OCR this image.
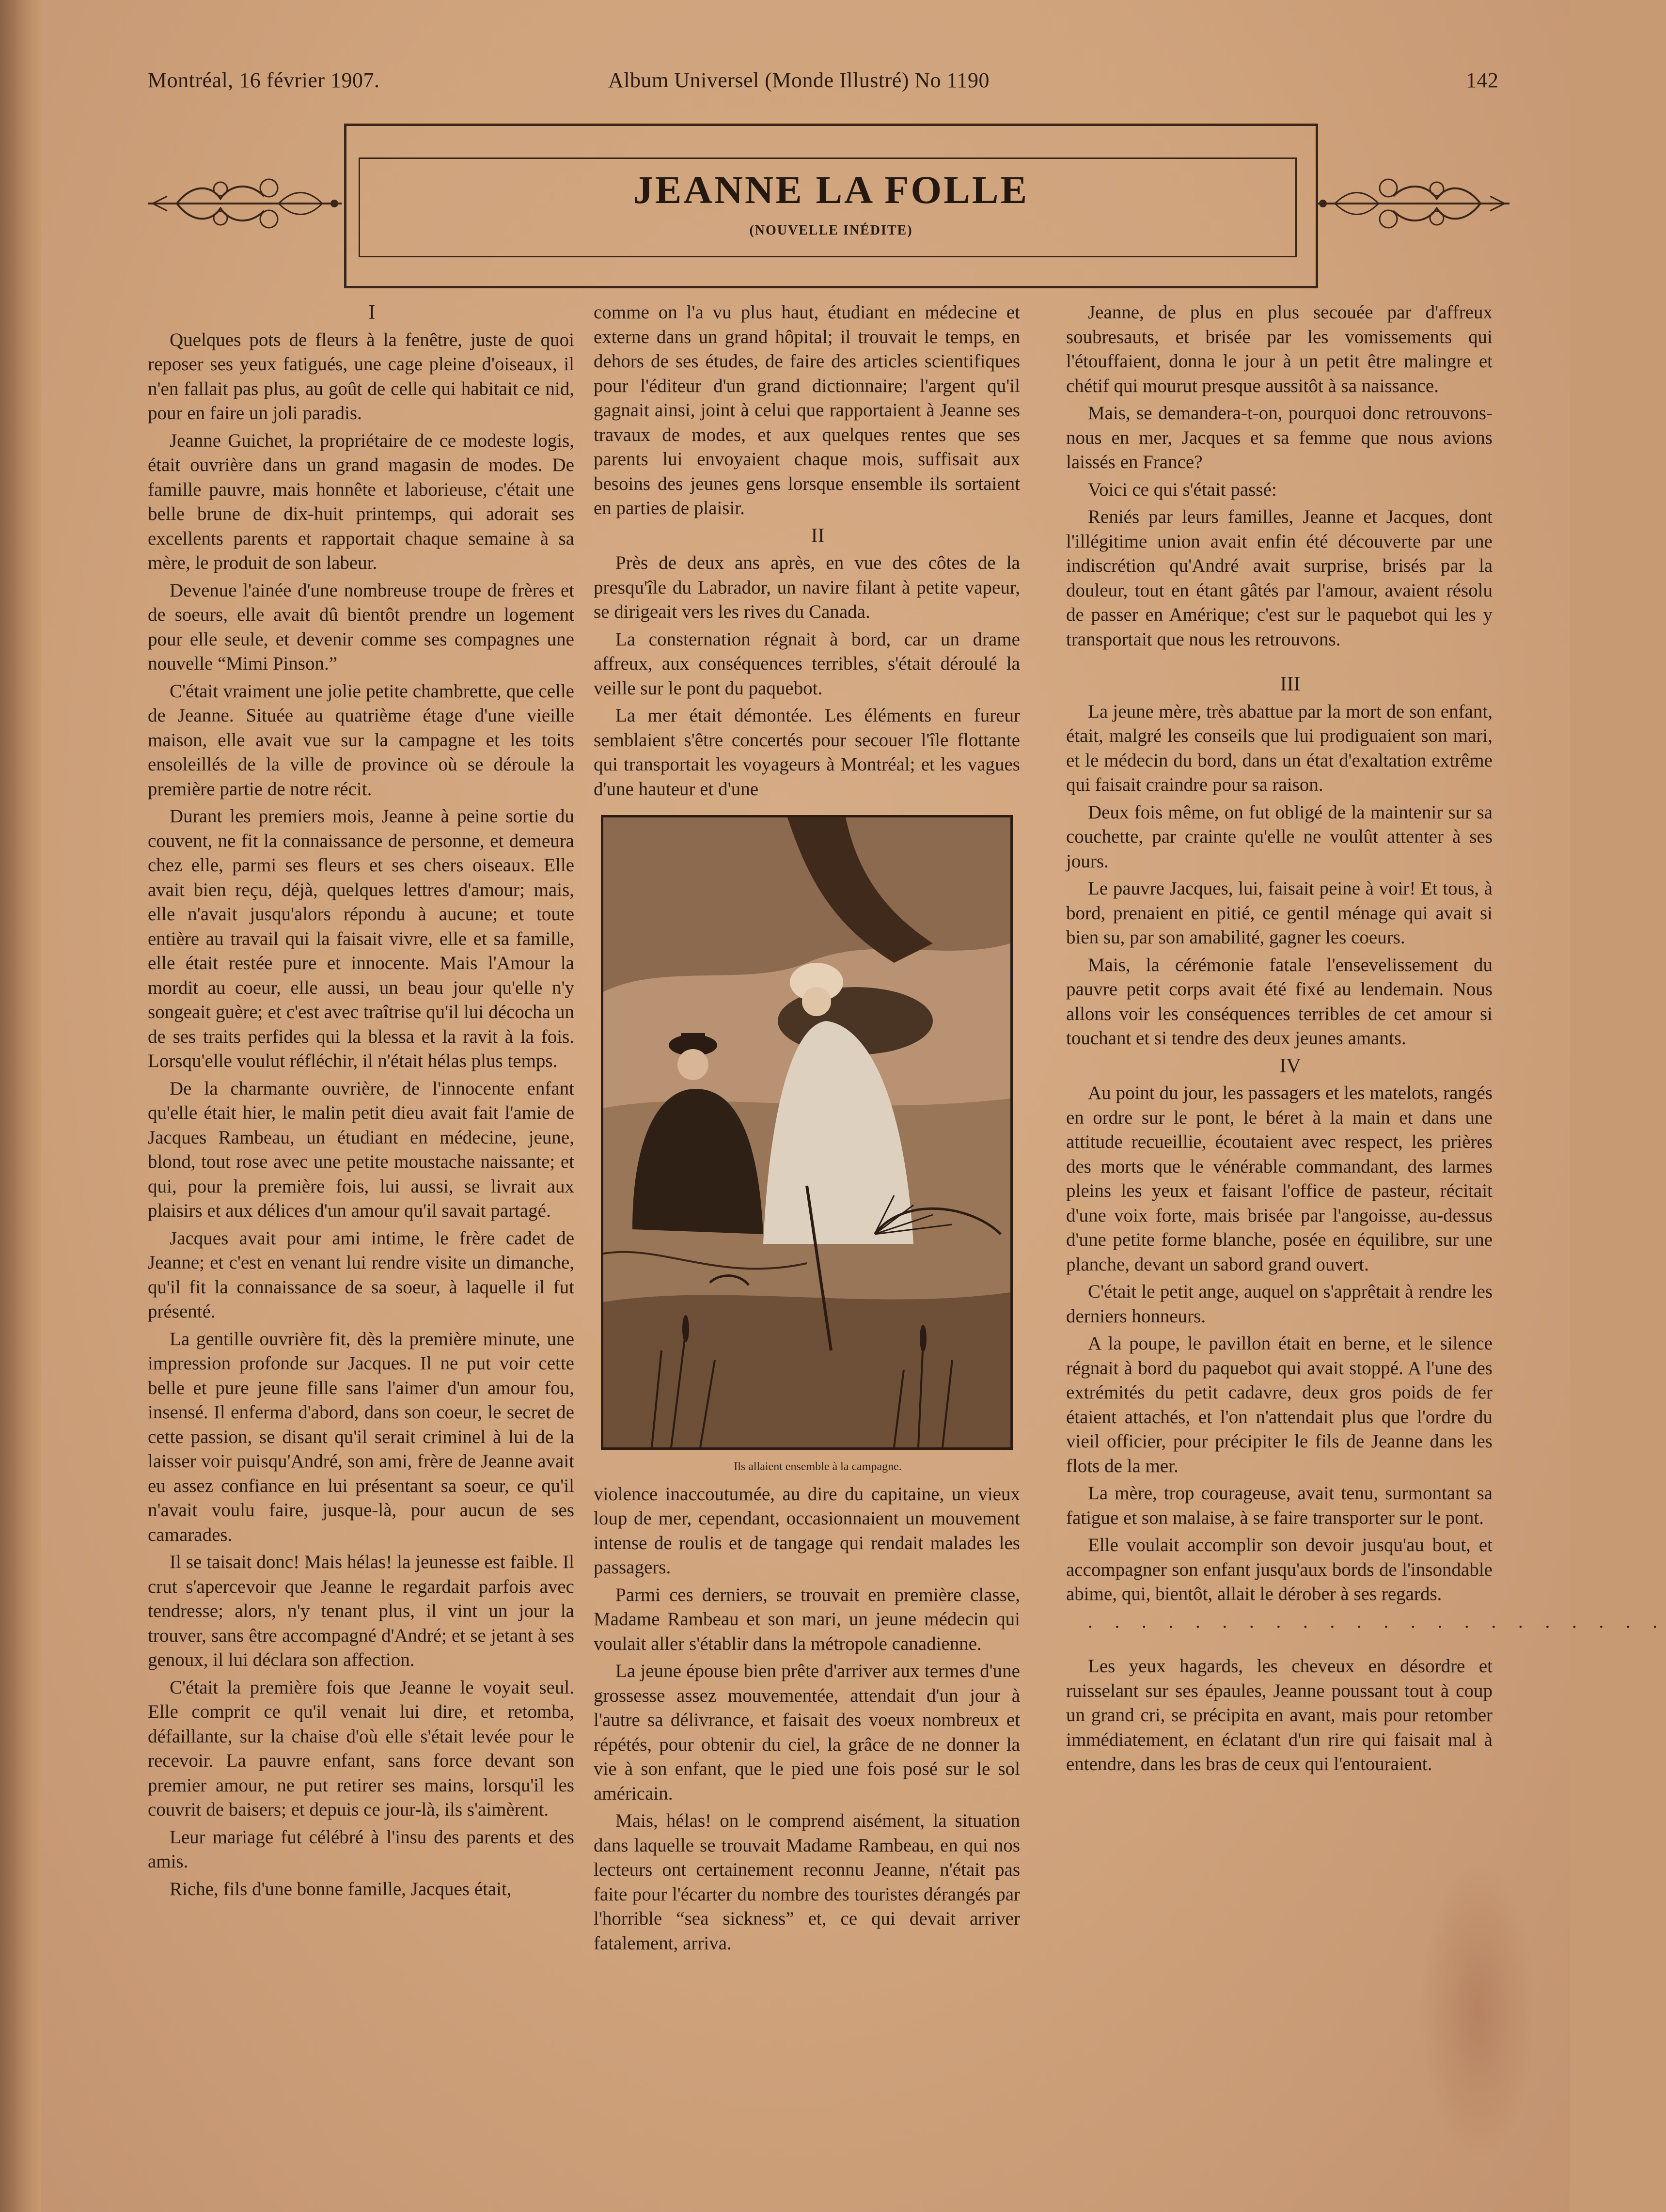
Montréal, 16 février 1907.	Album Universel (Monde Illustré) No 1190	142
JEANNE LA FOLLE
(NOUVELLE INÉDITE)

I

Quelques pots de fleurs à la fenêtre, juste de quoi reposer ses yeux fatigués, une cage pleine d'oiseaux, il n'en fallait pas plus, au goût de celle qui habitait ce nid, pour en faire un joli paradis.

Jeanne Guichet, la propriétaire de ce modeste logis, était ouvrière dans un grand magasin de modes. De famille pauvre, mais honnête et laborieuse, c'était une belle brune de dix-huit printemps, qui adorait ses excellents parents et rapportait chaque semaine à sa mère, le produit de son labeur.

Devenue l'ainée d'une nombreuse troupe de frères et de soeurs, elle avait dû bientôt prendre un logement pour elle seule, et devenir comme ses compagnes une nouvelle “Mimi Pinson.”

C'était vraiment une jolie petite chambrette, que celle de Jeanne. Située au quatrième étage d'une vieille maison, elle avait vue sur la campagne et les toits ensoleillés de la ville de province où se déroule la première partie de notre récit.

Durant les premiers mois, Jeanne à peine sortie du couvent, ne fit la connaissance de personne, et demeura chez elle, parmi ses fleurs et ses chers oiseaux. Elle avait bien reçu, déjà, quelques lettres d'amour; mais, elle n'avait jusqu'alors répondu à aucune; et toute entière au travail qui la faisait vivre, elle et sa famille, elle était restée pure et innocente. Mais l'Amour la mordit au coeur, elle aussi, un beau jour qu'elle n'y songeait guère; et c'est avec traîtrise qu'il lui décocha un de ses traits perfides qui la blessa et la ravit à la fois. Lorsqu'elle voulut réfléchir, il n'était hélas plus temps.

De la charmante ouvrière, de l'innocente enfant qu'elle était hier, le malin petit dieu avait fait l'amie de Jacques Rambeau, un étudiant en médecine, jeune, blond, tout rose avec une petite moustache naissante; et qui, pour la première fois, lui aussi, se livrait aux plaisirs et aux délices d'un amour qu'il savait partagé.

Jacques avait pour ami intime, le frère cadet de Jeanne; et c'est en venant lui rendre visite un dimanche, qu'il fit la connaissance de sa soeur, à laquelle il fut présenté.

La gentille ouvrière fit, dès la première minute, une impression profonde sur Jacques. Il ne put voir cette belle et pure jeune fille sans l'aimer d'un amour fou, insensé. Il enferma d'abord, dans son coeur, le secret de cette passion, se disant qu'il serait criminel à lui de la laisser voir puisqu'André, son ami, frère de Jeanne avait eu assez confiance en lui présentant sa soeur, ce qu'il n'avait voulu faire, jusque-là, pour aucun de ses camarades.

Il se taisait donc! Mais hélas! la jeunesse est faible. Il crut s'apercevoir que Jeanne le regardait parfois avec tendresse; alors, n'y tenant plus, il vint un jour la trouver, sans être accompagné d'André; et se jetant à ses genoux, il lui déclara son affection.

C'était la première fois que Jeanne le voyait seul. Elle comprit ce qu'il venait lui dire, et retomba, défaillante, sur la chaise d'où elle s'était levée pour le recevoir. La pauvre enfant, sans force devant son premier amour, ne put retirer ses mains, lorsqu'il les couvrit de baisers; et depuis ce jour-là, ils s'aimèrent.

Leur mariage fut célébré à l'insu des parents et des amis.

Riche, fils d'une bonne famille, Jacques était,

comme on l'a vu plus haut, étudiant en médecine et externe dans un grand hôpital; il trouvait le temps, en dehors de ses études, de faire des articles scientifiques pour l'éditeur d'un grand dictionnaire; l'argent qu'il gagnait ainsi, joint à celui que rapportaient à Jeanne ses travaux de modes, et aux quelques rentes que ses parents lui envoyaient chaque mois, suffisait aux besoins des jeunes gens lorsque ensemble ils sortaient en parties de plaisir.

II

Près de deux ans après, en vue des côtes de la presqu'île du Labrador, un navire filant à petite vapeur, se dirigeait vers les rives du Canada.

La consternation régnait à bord, car un drame affreux, aux conséquences terribles, s'était déroulé la veille sur le pont du paquebot.

La mer était démontée. Les éléments en fureur semblaient s'être concertés pour secouer l'île flottante qui transportait les voyageurs à Montréal; et les vagues d'une hauteur et d'une

Ils allaient ensemble à la campagne.

violence inaccoutumée, au dire du capitaine, un vieux loup de mer, cependant, occasionnaient un mouvement intense de roulis et de tangage qui rendait malades les passagers.

Parmi ces derniers, se trouvait en première classe, Madame Rambeau et son mari, un jeune médecin qui voulait aller s'établir dans la métropole canadienne.

La jeune épouse bien prête d'arriver aux termes d'une grossesse assez mouvementée, attendait d'un jour à l'autre sa délivrance, et faisait des voeux nombreux et répétés, pour obtenir du ciel, la grâce de ne donner la vie à son enfant, que le pied une fois posé sur le sol américain.

Mais, hélas! on le comprend aisément, la situation dans laquelle se trouvait Madame Rambeau, en qui nos lecteurs ont certainement reconnu Jeanne, n'était pas faite pour l'écarter du nombre des touristes dérangés par l'horrible “sea sickness” et, ce qui devait arriver fatalement, arriva.

Jeanne, de plus en plus secouée par d'affreux soubresauts, et brisée par les vomissements qui l'étouffaient, donna le jour à un petit être malingre et chétif qui mourut presque aussitôt à sa naissance.

Mais, se demandera-t-on, pourquoi donc retrouvons-nous en mer, Jacques et sa femme que nous avions laissés en France?

Voici ce qui s'était passé:

Reniés par leurs familles, Jeanne et Jacques, dont l'illégitime union avait enfin été découverte par une indiscrétion qu'André avait surprise, brisés par la douleur, tout en étant gâtés par l'amour, avaient résolu de passer en Amérique; c'est sur le paquebot qui les y transportait que nous les retrouvons.

III

La jeune mère, très abattue par la mort de son enfant, était, malgré les conseils que lui prodiguaient son mari, et le médecin du bord, dans un état d'exaltation extrême qui faisait craindre pour sa raison.

Deux fois même, on fut obligé de la maintenir sur sa couchette, par crainte qu'elle ne voulût attenter à ses jours.

Le pauvre Jacques, lui, faisait peine à voir! Et tous, à bord, prenaient en pitié, ce gentil ménage qui avait si bien su, par son amabilité, gagner les coeurs.

Mais, la cérémonie fatale l'ensevelissement du pauvre petit corps avait été fixé au lendemain. Nous allons voir les conséquences terribles de cet amour si touchant et si tendre des deux jeunes amants.

IV

Au point du jour, les passagers et les matelots, rangés en ordre sur le pont, le béret à la main et dans une attitude recueillie, écoutaient avec respect, les prières des morts que le vénérable commandant, des larmes pleins les yeux et faisant l'office de pasteur, récitait d'une voix forte, mais brisée par l'angoisse, au-dessus d'une petite forme blanche, posée en équilibre, sur une planche, devant un sabord grand ouvert.

C'était le petit ange, auquel on s'apprêtait à rendre les derniers honneurs.

A la poupe, le pavillon était en berne, et le silence régnait à bord du paquebot qui avait stoppé. A l'une des extrémités du petit cadavre, deux gros poids de fer étaient attachés, et l'on n'attendait plus que l'ordre du vieil officier, pour précipiter le fils de Jeanne dans les flots de la mer.

La mère, trop courageuse, avait tenu, surmontant sa fatigue et son malaise, à se faire transporter sur le pont.

Elle voulait accomplir son devoir jusqu'au bout, et accompagner son enfant jusqu'aux bords de l'insondable abime, qui, bientôt, allait le dérober à ses regards.

. . . . . . . . . . . . . . . . . . . . . .

Les yeux hagards, les cheveux en désordre et ruisselant sur ses épaules, Jeanne poussant tout à coup un grand cri, se précipita en avant, mais pour retomber immédiatement, en éclatant d'un rire qui faisait mal à entendre, dans les bras de ceux qui l'entouraient.
